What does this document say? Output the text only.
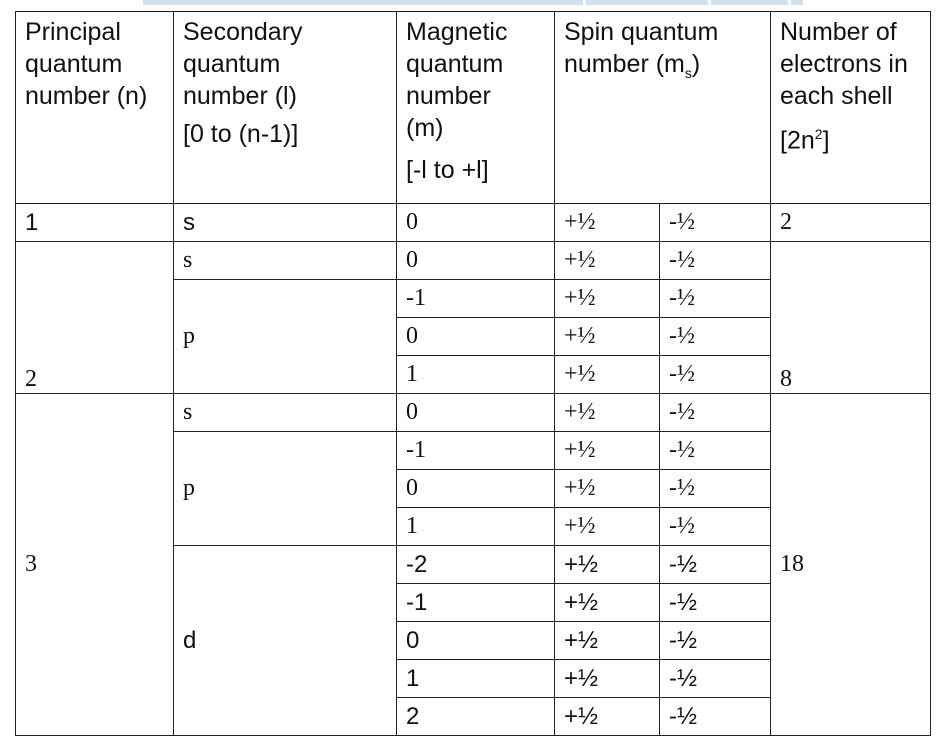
Principal
quantum
number (n)	Secondary
quantum
number (l)
[0 to (n-1)]	Magnetic
quantum
number
(m)
[-l to +l]	Spin quantum
number $(m_s)$		Number of
electrons in
each shell
$[2n^2]$

1	s	0	+½	-½	2
2	s	0	+½	-½	8
	p	-1	+½	-½	
		0	+½	-½	
		1	+½	-½	
3	s	0	+½	-½	18
	p	-1	+½	-½	
		0	+½	-½	
		1	+½	-½	
	d	-2	+½	-½	
		-1	+½	-½	
		0	+½	-½	
		1	+½	-½	
		2	+½	-½	
